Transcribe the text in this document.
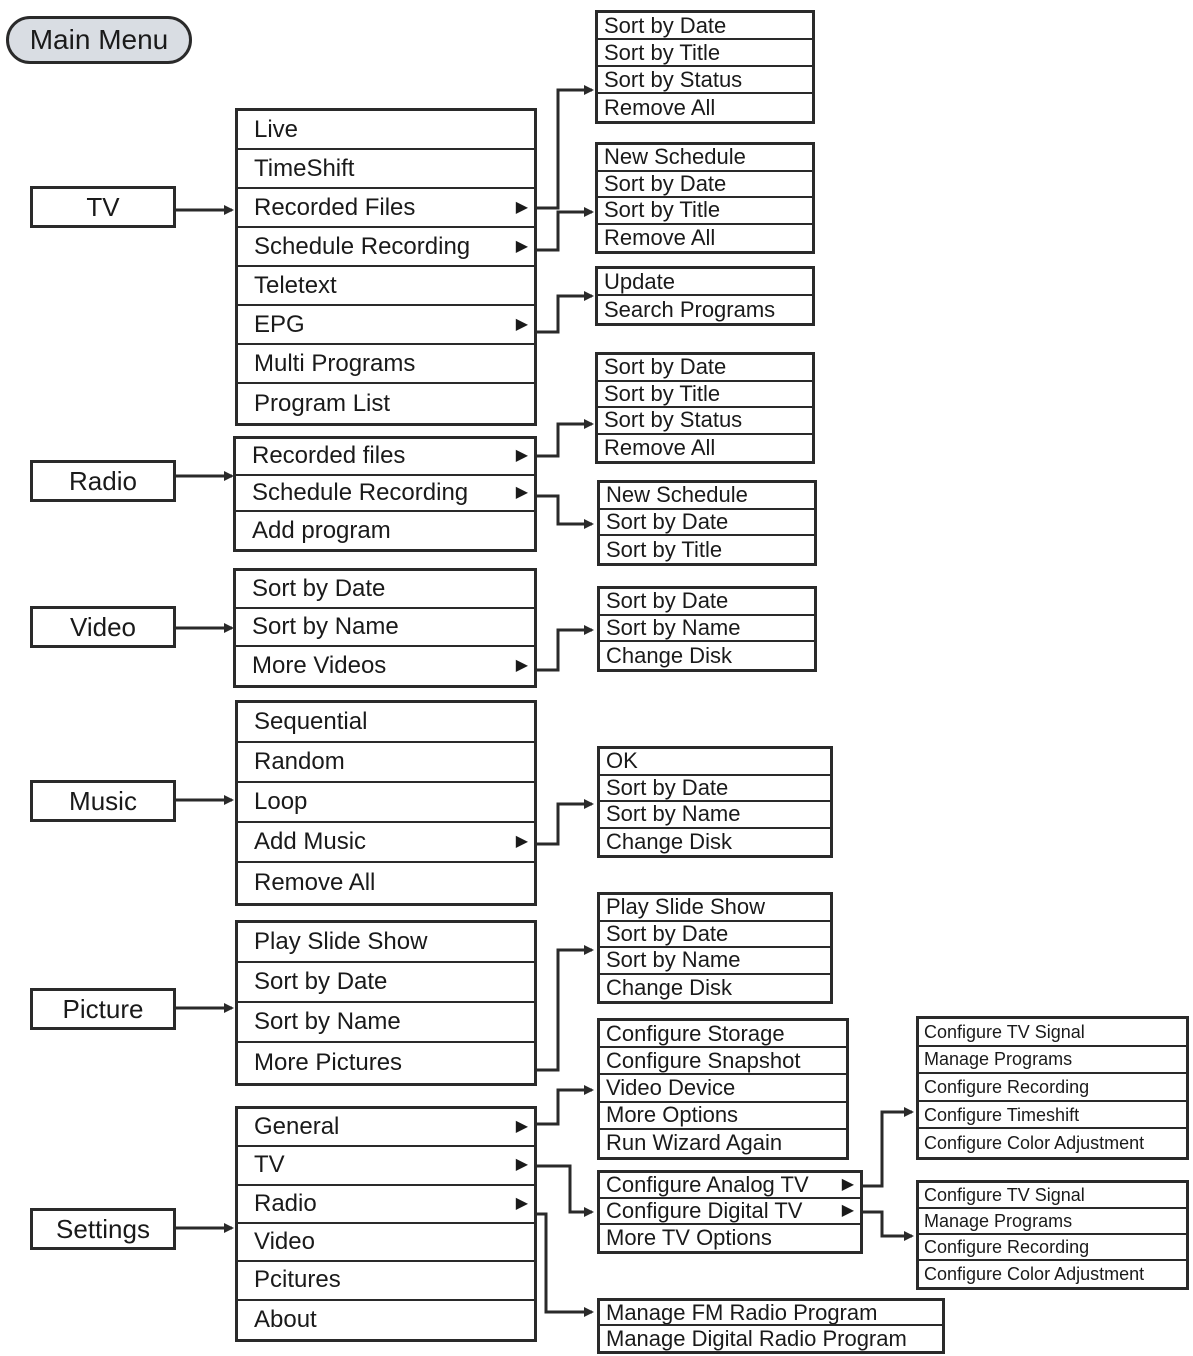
Main Menu
TV
Radio
Video
Music
Picture
Settings
Live
TimeShift
Recorded Files	▶
Schedule Recording	▶
Teletext
EPG	▶
Multi Programs
Program List
Recorded files	▶
Schedule Recording	▶
Add program
Sort by Date
Sort by Name
More Videos	▶
Sequential
Random
Loop
Add Music	▶
Remove All
Play Slide Show
Sort by Date
Sort by Name
More Pictures
General	▶
TV	▶
Radio	▶
Video
Pcitures
About
Sort by Date
Sort by Title
Sort by Status
Remove All
New Schedule
Sort by Date
Sort by Title
Remove All
Update
Search Programs
Sort by Date
Sort by Title
Sort by Status
Remove All
New Schedule
Sort by Date
Sort by Title
Sort by Date
Sort by Name
Change Disk
OK
Sort by Date
Sort by Name
Change Disk
Play Slide Show
Sort by Date
Sort by Name
Change Disk
Configure Storage
Configure Snapshot
Video Device
More Options
Run Wizard Again
Configure Analog TV ▶
Configure Digital TV ▶
More TV Options
Manage FM Radio Program
Manage Digital Radio Program
Configure TV Signal
Manage Programs
Configure Recording
Configure Timeshift
Configure Color Adjustment
Configure TV Signal
Manage Programs
Configure Recording
Configure Color Adjustment
